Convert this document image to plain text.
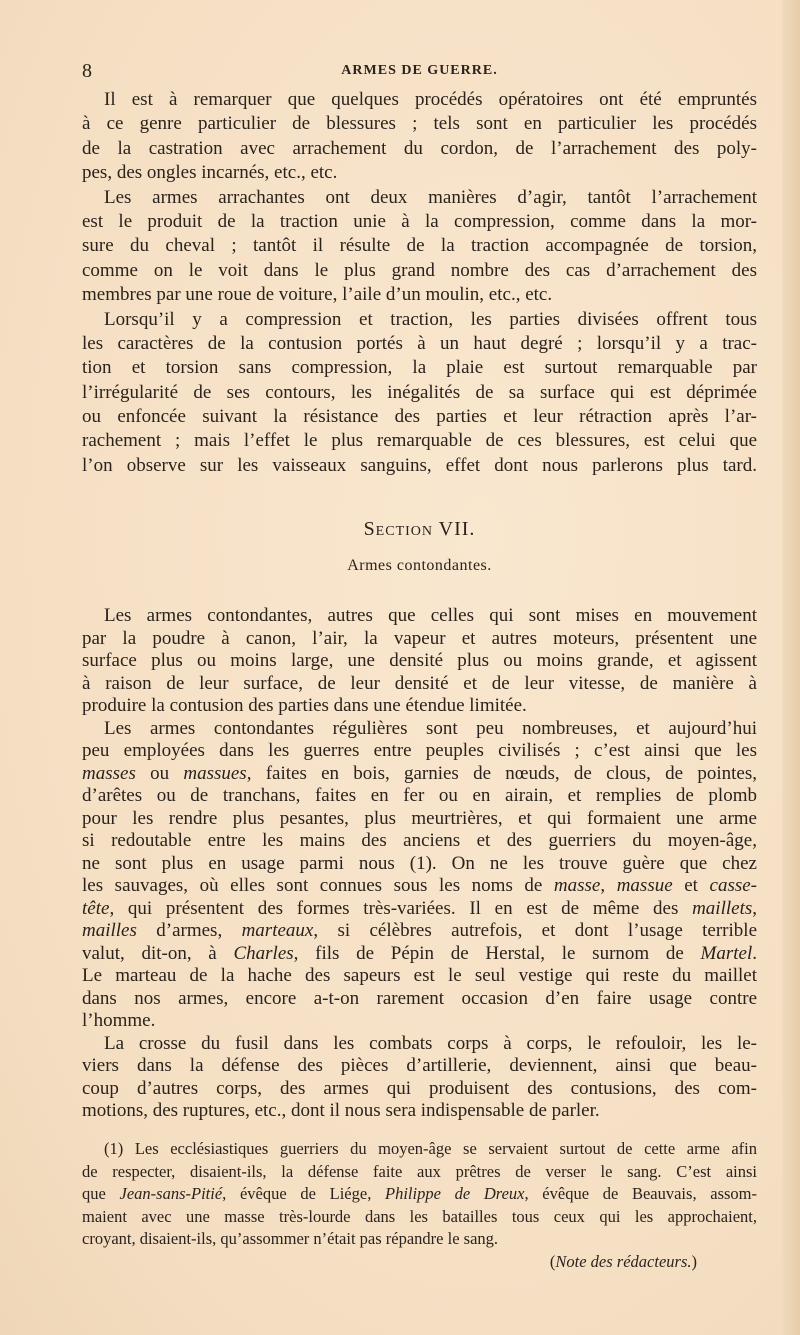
8	ARMES DE GUERRE.
Il est à remarquer que quelques procédés opératoires ont été empruntés
à ce genre particulier de blessures ; tels sont en particulier les procédés
de la castration avec arrachement du cordon, de l’arrachement des poly-
pes, des ongles incarnés, etc., etc.
Les armes arrachantes ont deux manières d’agir, tantôt l’arrachement
est le produit de la traction unie à la compression, comme dans la mor-
sure du cheval ; tantôt il résulte de la traction accompagnée de torsion,
comme on le voit dans le plus grand nombre des cas d’arrachement des
membres par une roue de voiture, l’aile d’un moulin, etc., etc.
Lorsqu’il y a compression et traction, les parties divisées offrent tous
les caractères de la contusion portés à un haut degré ; lorsqu’il y a trac-
tion et torsion sans compression, la plaie est surtout remarquable par
l’irrégularité de ses contours, les inégalités de sa surface qui est déprimée
ou enfoncée suivant la résistance des parties et leur rétraction après l’ar-
rachement ; mais l’effet le plus remarquable de ces blessures, est celui que
l’on observe sur les vaisseaux sanguins, effet dont nous parlerons plus tard.
Section VII.
Armes contondantes.
Les armes contondantes, autres que celles qui sont mises en mouvement
par la poudre à canon, l’air, la vapeur et autres moteurs, présentent une
surface plus ou moins large, une densité plus ou moins grande, et agissent
à raison de leur surface, de leur densité et de leur vitesse, de manière à
produire la contusion des parties dans une étendue limitée.
Les armes contondantes régulières sont peu nombreuses, et aujourd’hui
peu employées dans les guerres entre peuples civilisés ; c’est ainsi que les
masses ou massues, faites en bois, garnies de nœuds, de clous, de pointes,
d’arêtes ou de tranchans, faites en fer ou en airain, et remplies de plomb
pour les rendre plus pesantes, plus meurtrières, et qui formaient une arme
si redoutable entre les mains des anciens et des guerriers du moyen-âge,
ne sont plus en usage parmi nous (1). On ne les trouve guère que chez
les sauvages, où elles sont connues sous les noms de masse, massue et casse-
tête, qui présentent des formes très-variées. Il en est de même des maillets,
mailles d’armes, marteaux, si célèbres autrefois, et dont l’usage terrible
valut, dit-on, à Charles, fils de Pépin de Herstal, le surnom de Martel.
Le marteau de la hache des sapeurs est le seul vestige qui reste du maillet
dans nos armes, encore a-t-on rarement occasion d’en faire usage contre
l’homme.
La crosse du fusil dans les combats corps à corps, le refouloir, les le-
viers dans la défense des pièces d’artillerie, deviennent, ainsi que beau-
coup d’autres corps, des armes qui produisent des contusions, des com-
motions, des ruptures, etc., dont il nous sera indispensable de parler.
(1) Les ecclésiastiques guerriers du moyen-âge se servaient surtout de cette arme afin
de respecter, disaient-ils, la défense faite aux prêtres de verser le sang. C’est ainsi
que Jean-sans-Pitié, évêque de Liége, Philippe de Dreux, évêque de Beauvais, assom-
maient avec une masse très-lourde dans les batailles tous ceux qui les approchaient,
croyant, disaient-ils, qu’assommer n’était pas répandre le sang.
(Note des rédacteurs.)
